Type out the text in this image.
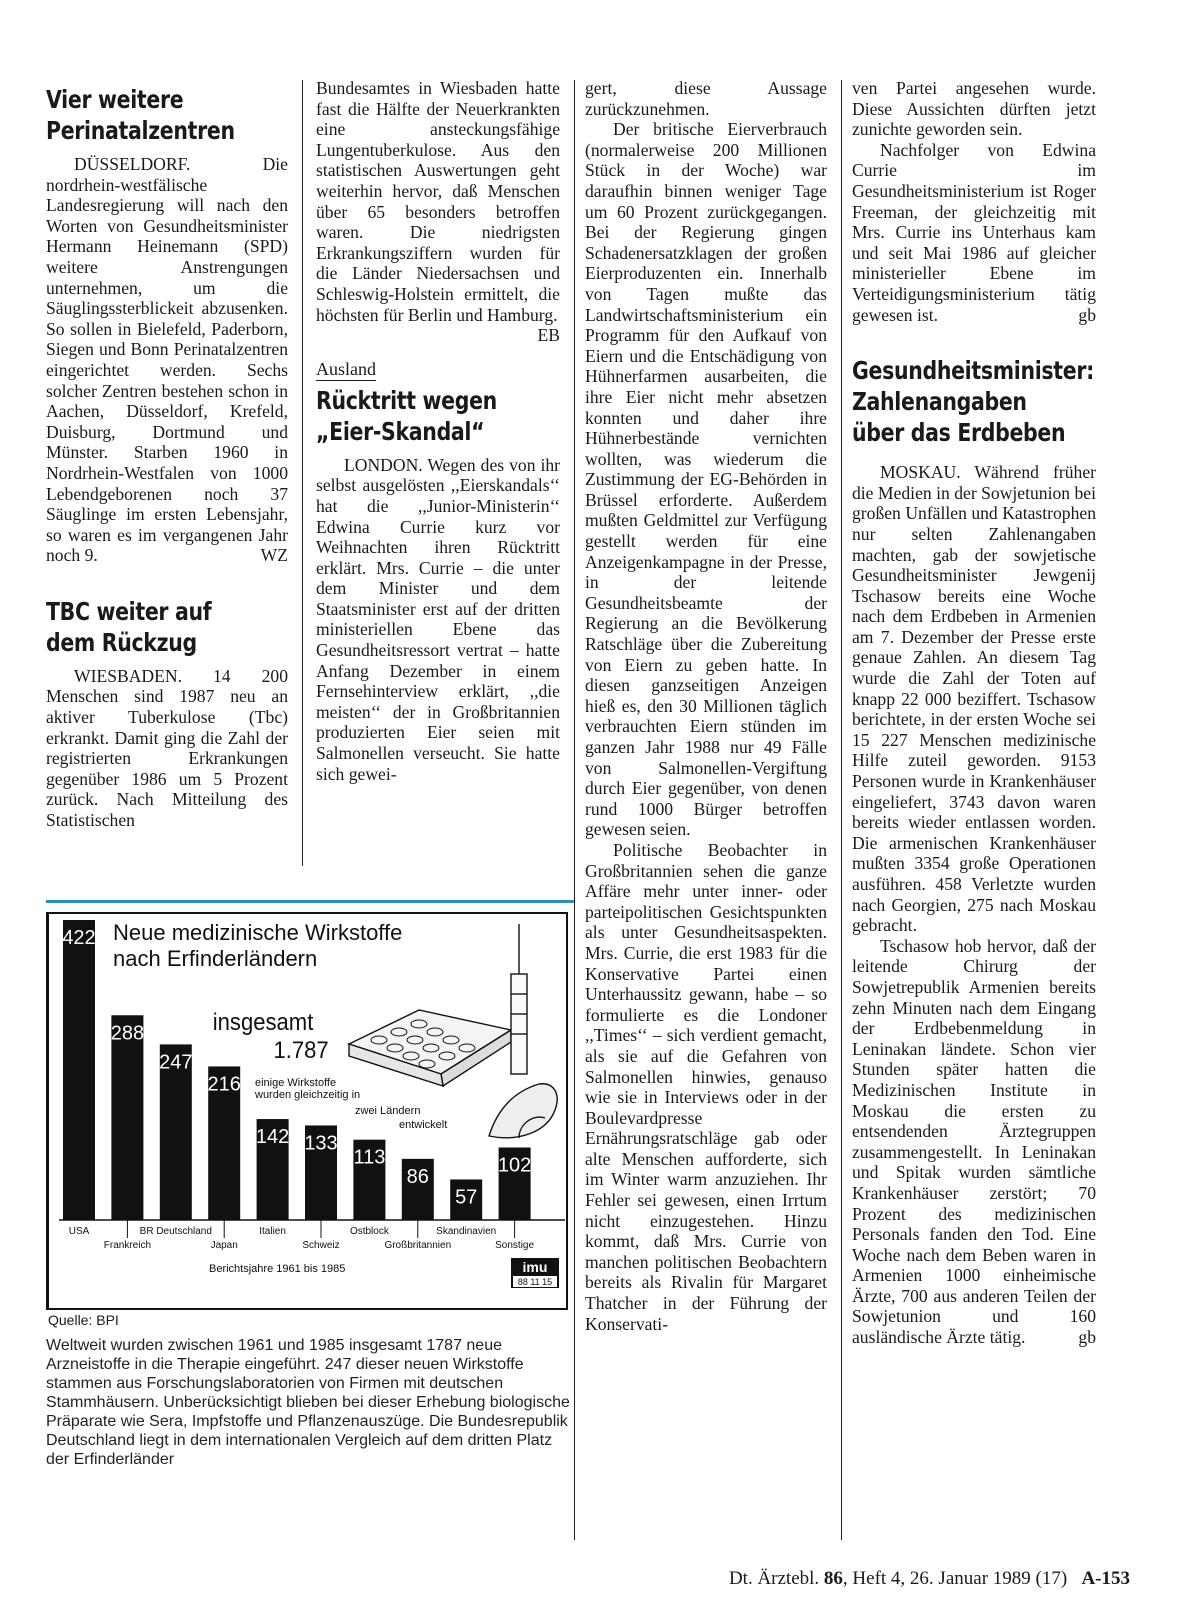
Vier weitere
Perinatalzentren

DÜSSELDORF. Die nordrhein-westfälische Landesregierung will nach den Worten von Gesundheitsminister Hermann Heinemann (SPD) weitere Anstrengungen unternehmen, um die Säuglingssterblickeit abzusenken. So sollen in Bielefeld, Paderborn, Siegen und Bonn Perinatalzentren eingerichtet werden. Sechs solcher Zentren bestehen schon in Aachen, Düsseldorf, Krefeld, Duisburg, Dortmund und Münster. Starben 1960 in Nordrhein-Westfalen von 1000 Lebendgeborenen noch 37 Säuglinge im ersten Lebensjahr, so waren es im vergangenen Jahr noch 9.	WZ

TBC weiter auf
dem Rückzug

WIESBADEN. 14 200 Menschen sind 1987 neu an aktiver Tuberkulose (Tbc) erkrankt. Damit ging die Zahl der registrierten Erkrankungen gegenüber 1986 um 5 Prozent zurück. Nach Mitteilung des Statistischen

Bundesamtes in Wiesbaden hatte fast die Hälfte der Neuerkrankten eine ansteckungsfähige Lungentuberkulose. Aus den statistischen Auswertungen geht weiterhin hervor, daß Menschen über 65 besonders betroffen waren. Die niedrigsten Erkrankungsziffern wurden für die Länder Niedersachsen und Schleswig-Holstein ermittelt, die höchsten für Berlin und Hamburg.
EB

Ausland
Rücktritt wegen
„Eier-Skandal“

LONDON. Wegen des von ihr selbst ausgelösten ,,Eierskandals‘‘ hat die ,,Junior-Ministerin‘‘ Edwina Currie kurz vor Weihnachten ihren Rücktritt erklärt. Mrs. Currie – die unter dem Minister und dem Staatsminister erst auf der dritten ministeriellen Ebene das Gesundheitsressort vertrat – hatte Anfang Dezember in einem Fernsehinterview erklärt, ,,die meisten‘‘ der in Großbritannien produzierten Eier seien mit Salmonellen verseucht. Sie hatte sich gewei-

gert, diese Aussage zurückzunehmen.

Der britische Eierverbrauch (normalerweise 200 Millionen Stück in der Woche) war daraufhin binnen weniger Tage um 60 Prozent zurückgegangen. Bei der Regierung gingen Schadenersatzklagen der großen Eierproduzenten ein. Innerhalb von Tagen mußte das Landwirtschaftsministerium ein Programm für den Aufkauf von Eiern und die Entschädigung von Hühnerfarmen ausarbeiten, die ihre Eier nicht mehr absetzen konnten und daher ihre Hühnerbestände vernichten wollten, was wiederum die Zustimmung der EG-Behörden in Brüssel erforderte. Außerdem mußten Geldmittel zur Verfügung gestellt werden für eine Anzeigenkampagne in der Presse, in der leitende Gesundheitsbeamte der Regierung an die Bevölkerung Ratschläge über die Zubereitung von Eiern zu geben hatte. In diesen ganzseitigen Anzeigen hieß es, den 30 Millionen täglich verbrauchten Eiern stünden im ganzen Jahr 1988 nur 49 Fälle von Salmonellen-Vergiftung durch Eier gegenüber, von denen rund 1000 Bürger betroffen gewesen seien.

Politische Beobachter in Großbritannien sehen die ganze Affäre mehr unter inner- oder parteipolitischen Gesichtspunkten als unter Gesundheitsaspekten. Mrs. Currie, die erst 1983 für die Konservative Partei einen Unterhaussitz gewann, habe – so formulierte es die Londoner ,,Times‘‘ – sich verdient gemacht, als sie auf die Gefahren von Salmonellen hinwies, genauso wie sie in Interviews oder in der Boulevardpresse Ernährungsratschläge gab oder alte Menschen aufforderte, sich im Winter warm anzuziehen. Ihr Fehler sei gewesen, einen Irrtum nicht einzugestehen. Hinzu kommt, daß Mrs. Currie von manchen politischen Beobachtern bereits als Rivalin für Margaret Thatcher in der Führung der Konservati-

ven Partei angesehen wurde. Diese Aussichten dürften jetzt zunichte geworden sein.

Nachfolger von Edwina Currie im Gesundheitsministerium ist Roger Freeman, der gleichzeitig mit Mrs. Currie ins Unterhaus kam und seit Mai 1986 auf gleicher ministerieller Ebene im Verteidigungsministerium tätig gewesen ist.	gb

Gesundheitsminister:
Zahlenangaben
über das Erdbeben

MOSKAU. Während früher die Medien in der Sowjetunion bei großen Unfällen und Katastrophen nur selten Zahlenangaben machten, gab der sowjetische Gesundheitsminister Jewgenij Tschasow bereits eine Woche nach dem Erdbeben in Armenien am 7. Dezember der Presse erste genaue Zahlen. An diesem Tag wurde die Zahl der Toten auf knapp 22 000 beziffert. Tschasow berichtete, in der ersten Woche sei 15 227 Menschen medizinische Hilfe zuteil geworden. 9153 Personen wurde in Krankenhäuser eingeliefert, 3743 davon waren bereits wieder entlassen worden. Die armenischen Krankenhäuser mußten 3354 große Operationen ausführen. 458 Verletzte wurden nach Georgien, 275 nach Moskau gebracht.

Tschasow hob hervor, daß der leitende Chirurg der Sowjetrepublik Armenien bereits zehn Minuten nach dem Eingang der Erdbebenmeldung in Leninakan ländete. Schon vier Stunden später hatten die Medizinischen Institute in Moskau die ersten zu entsendenden Ärztegruppen zusammengestellt. In Leninakan und Spitak wurden sämtliche Krankenhäuser zerstört; 70 Prozent des medizinischen Personals fanden den Tod. Eine Woche nach dem Beben waren in Armenien 1000 einheimische Ärzte, 700 aus anderen Teilen der Sowjetunion und 160 ausländische Ärzte tätig.	gb

Neue medizinische Wirkstoffe nach Erfinderländern
422
288
247
216
142 133
113
86
57
102
insgesamt
1.787
einige Wirkstoffe
wurden gleichzeitig in
zwei Ländern
entwickelt
USA
Frankreich
BR Deutschland
Japan
Italien
Schweiz
Ostblock
Großbritannien
Skandinavien
Sonstige
Berichtsjahre 1961 bis 1985	imu
88 11 15
Quelle: BPI
Weltweit wurden zwischen 1961 und 1985 insgesamt 1787 neue Arzneistoffe in die Therapie eingeführt. 247 dieser neuen Wirkstoffe stammen aus Forschungslaboratorien von Firmen mit deutschen Stammhäusern. Unberücksichtigt blieben bei dieser Erhebung biologische Präparate wie Sera, Impfstoffe und Pflanzenauszüge. Die Bundesrepublik Deutschland liegt in dem internationalen Vergleich auf dem dritten Platz der Erfinderländer
Dt. Ärztebl. 86, Heft 4, 26. Januar 1989 (17) A-153
